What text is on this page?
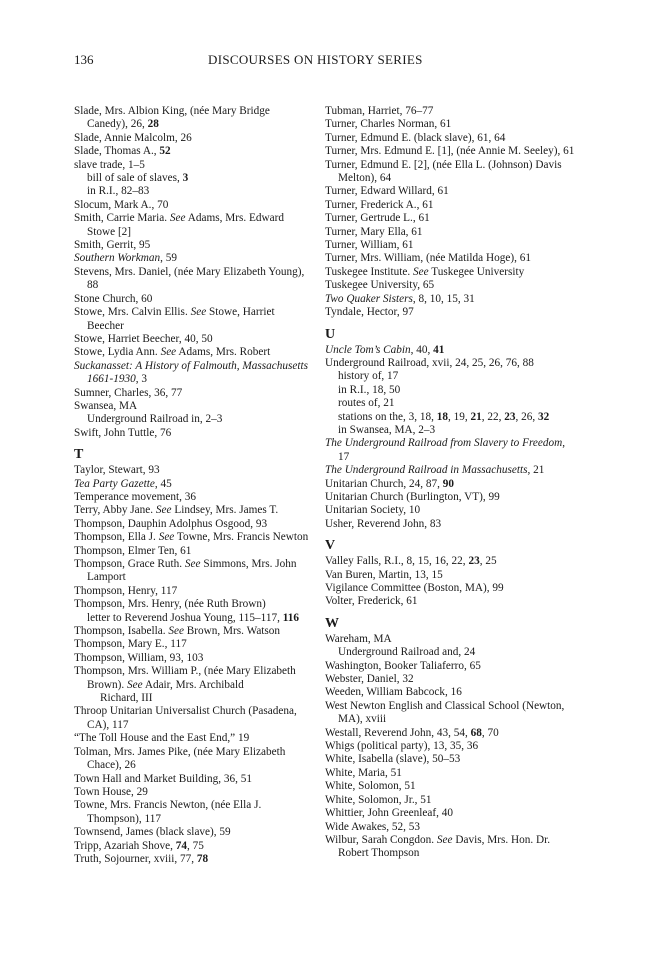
136	DISCOURSES ON HISTORY SERIES
Slade, Mrs. Albion King, (née Mary Bridge Canedy), 26, 28
Slade, Annie Malcolm, 26
Slade, Thomas A., 52
slave trade, 1–5
bill of sale of slaves, 3
in R.I., 82–83
Slocum, Mark A., 70
Smith, Carrie Maria. See Adams, Mrs. Edward Stowe [2]
Smith, Gerrit, 95
Southern Workman, 59
Stevens, Mrs. Daniel, (née Mary Elizabeth Young), 88
Stone Church, 60
Stowe, Mrs. Calvin Ellis. See Stowe, Harriet Beecher
Stowe, Harriet Beecher, 40, 50
Stowe, Lydia Ann. See Adams, Mrs. Robert
Suckanasset: A History of Falmouth, Massachusetts 1661-1930, 3
Sumner, Charles, 36, 77
Swansea, MA
Underground Railroad in, 2–3
Swift, John Tuttle, 76
T
Taylor, Stewart, 93
Tea Party Gazette, 45
Temperance movement, 36
Terry, Abby Jane. See Lindsey, Mrs. James T.
Thompson, Dauphin Adolphus Osgood, 93
Thompson, Ella J. See Towne, Mrs. Francis Newton
Thompson, Elmer Ten, 61
Thompson, Grace Ruth. See Simmons, Mrs. John Lamport
Thompson, Henry, 117
Thompson, Mrs. Henry, (née Ruth Brown)
letter to Reverend Joshua Young, 115–117, 116
Thompson, Isabella. See Brown, Mrs. Watson
Thompson, Mary E., 117
Thompson, William, 93, 103
Thompson, Mrs. William P., (née Mary Elizabeth Brown). See Adair, Mrs. Archibald
Richard, III
Throop Unitarian Universalist Church (Pasadena, CA), 117
“The Toll House and the East End,” 19
Tolman, Mrs. James Pike, (née Mary Elizabeth Chace), 26
Town Hall and Market Building, 36, 51
Town House, 29
Towne, Mrs. Francis Newton, (née Ella J. Thompson), 117
Townsend, James (black slave), 59
Tripp, Azariah Shove, 74, 75
Truth, Sojourner, xviii, 77, 78
Tubman, Harriet, 76–77
Turner, Charles Norman, 61
Turner, Edmund E. (black slave), 61, 64
Turner, Mrs. Edmund E. [1], (née Annie M. Seeley), 61
Turner, Edmund E. [2], (née Ella L. (Johnson) Davis Melton), 64
Turner, Edward Willard, 61
Turner, Frederick A., 61
Turner, Gertrude L., 61
Turner, Mary Ella, 61
Turner, William, 61
Turner, Mrs. William, (née Matilda Hoge), 61
Tuskegee Institute. See Tuskegee University
Tuskegee University, 65
Two Quaker Sisters, 8, 10, 15, 31
Tyndale, Hector, 97
U
Uncle Tom’s Cabin, 40, 41
Underground Railroad, xvii, 24, 25, 26, 76, 88
history of, 17
in R.I., 18, 50
routes of, 21
stations on the, 3, 18, 18, 19, 21, 22, 23, 26, 32
in Swansea, MA, 2–3
The Underground Railroad from Slavery to Freedom, 17
The Underground Railroad in Massachusetts, 21
Unitarian Church, 24, 87, 90
Unitarian Church (Burlington, VT), 99
Unitarian Society, 10
Usher, Reverend John, 83
V
Valley Falls, R.I., 8, 15, 16, 22, 23, 25
Van Buren, Martin, 13, 15
Vigilance Committee (Boston, MA), 99
Volter, Frederick, 61
W
Wareham, MA
Underground Railroad and, 24
Washington, Booker Taliaferro, 65
Webster, Daniel, 32
Weeden, William Babcock, 16
West Newton English and Classical School (Newton, MA), xviii
Westall, Reverend John, 43, 54, 68, 70
Whigs (political party), 13, 35, 36
White, Isabella (slave), 50–53
White, Maria, 51
White, Solomon, 51
White, Solomon, Jr., 51
Whittier, John Greenleaf, 40
Wide Awakes, 52, 53
Wilbur, Sarah Congdon. See Davis, Mrs. Hon. Dr. Robert Thompson
